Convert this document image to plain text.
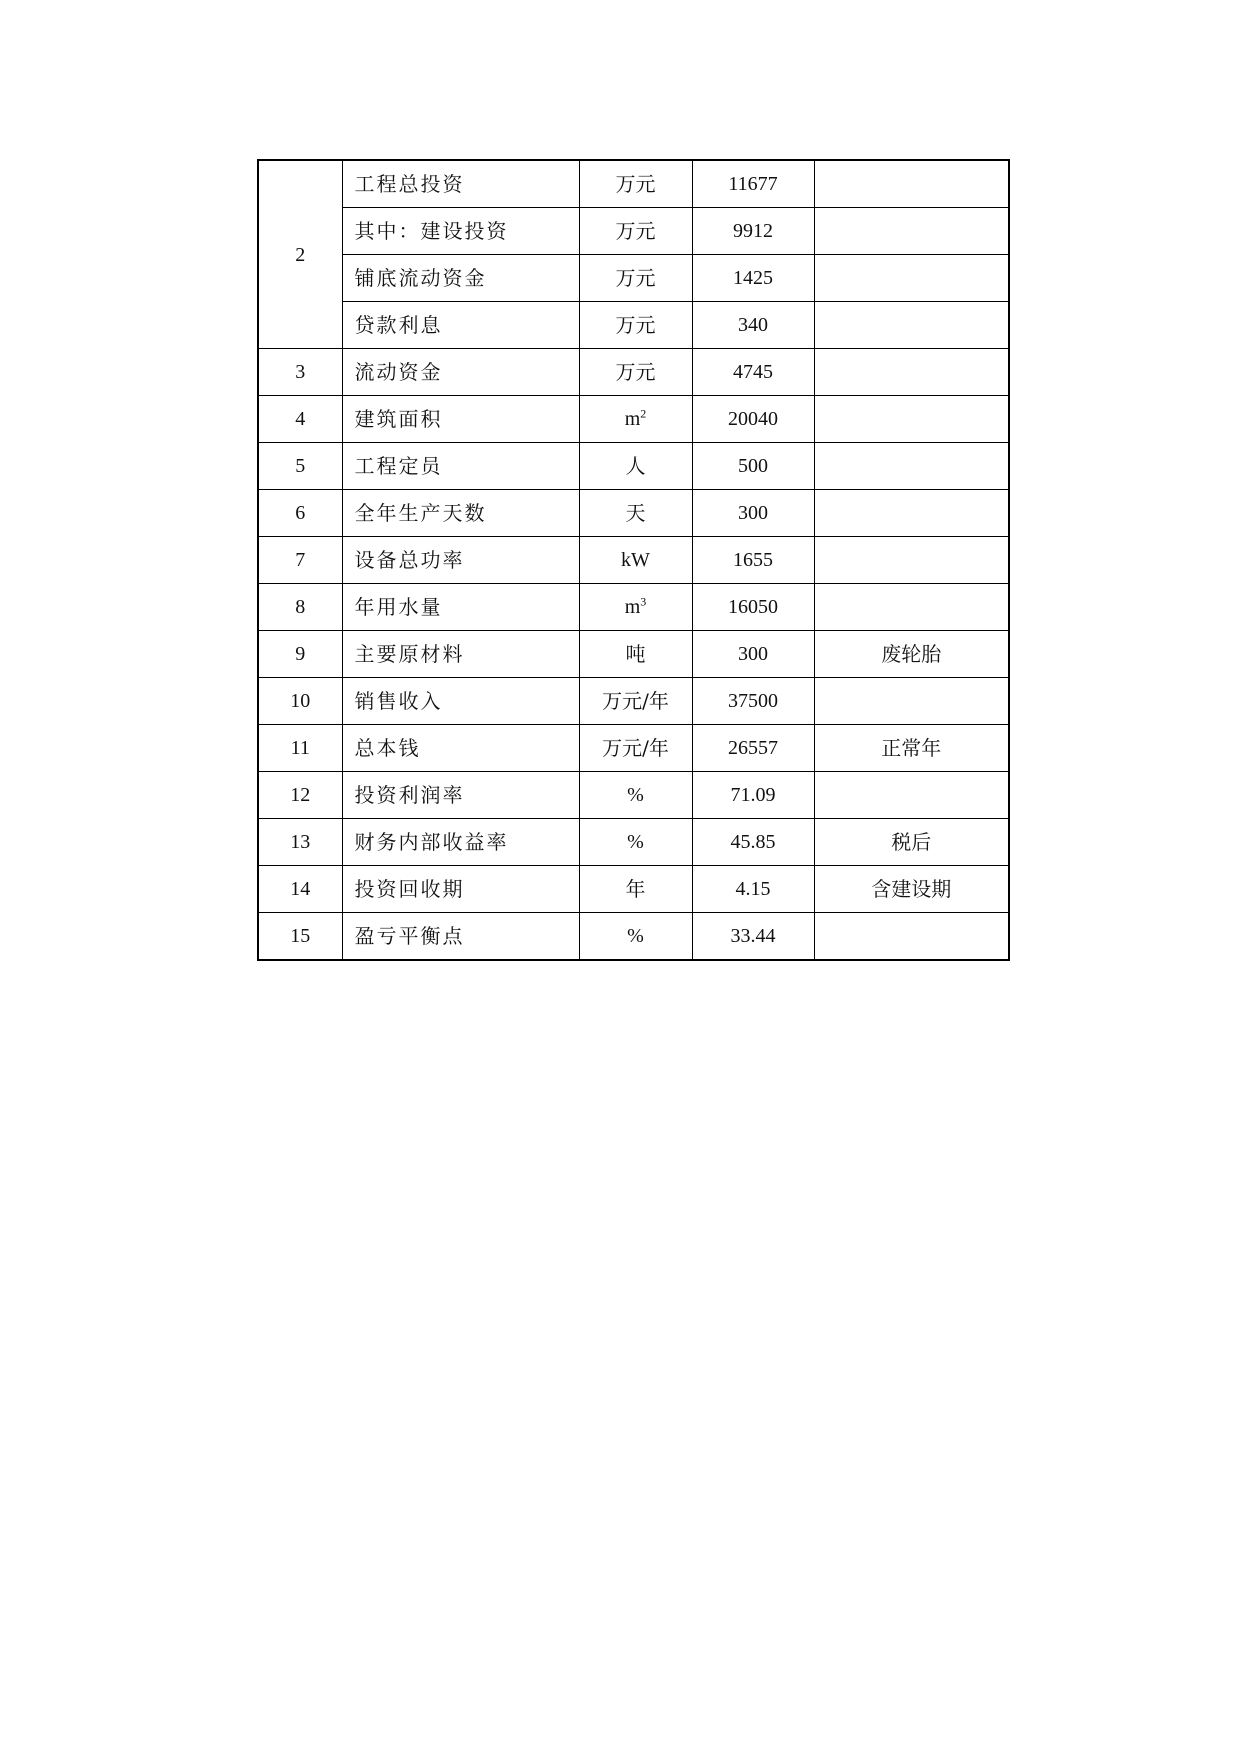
2	工程总投资	万元	11677	
	其中：建设投资	万元	9912	
	铺底流动资金	万元	1425	
	贷款利息	万元	340	
3	流动资金	万元	4745	
4	建筑面积	$m^2$	20040	
5	工程定员	人	500	
6	全年生产天数	天	300	
7	设备总功率	kW	1655	
8	年用水量	$m^3$	16050	
9	主要原材料	吨	300	废轮胎
10	销售收入	万元/年	37500	
11	总本钱	万元/年	26557	正常年
12	投资利润率	%	71.09	
13	财务内部收益率	%	45.85	税后
14	投资回收期	年	4.15	含建设期
15	盈亏平衡点	%	33.44	
